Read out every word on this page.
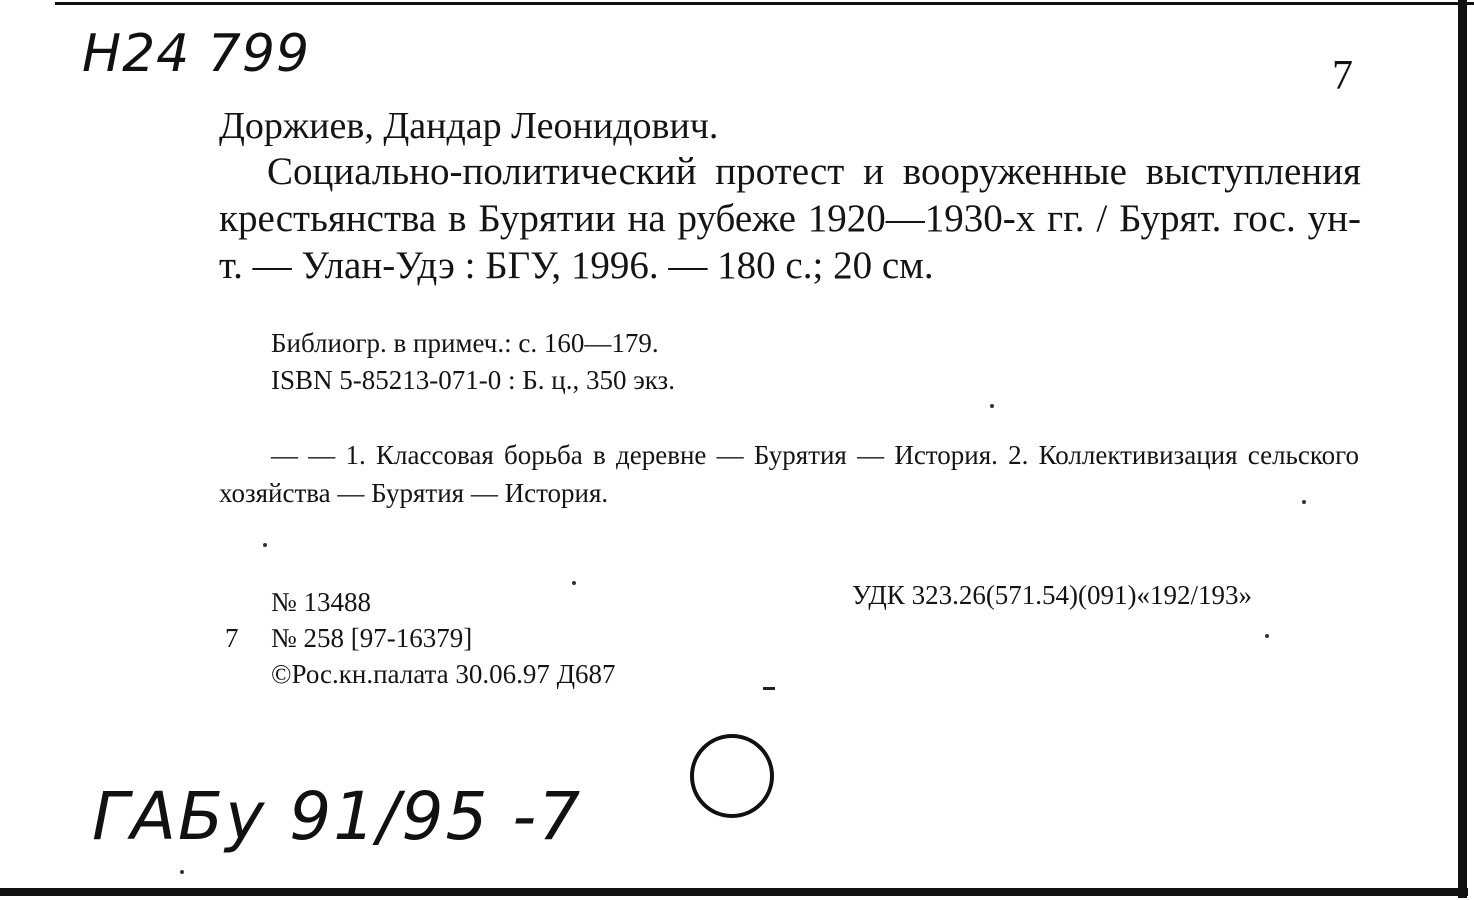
Н24 799	7
Доржиев, Дандар Леонидович.
Социально-политический протест и вооруженные выступления крестьянства в Бурятии на рубеже 1920—1930-х гг. / Бурят. гос. ун-т. — Улан-Удэ : БГУ, 1996. — 180 с.; 20 см.
Библиогр. в примеч.: с. 160—179.
ISBN 5-85213-071-0 : Б. ц., 350 экз.
— — 1. Классовая борьба в деревне — Бурятия — История. 2. Коллективизация сельского хозяйства — Бурятия — История.
№ 13488	УДК 323.26(571.54)(091)«192/193»
7 № 258 [97-16379]
©Рос.кн.палата 30.06.97 Д687
ГАБу 91/95 -7
